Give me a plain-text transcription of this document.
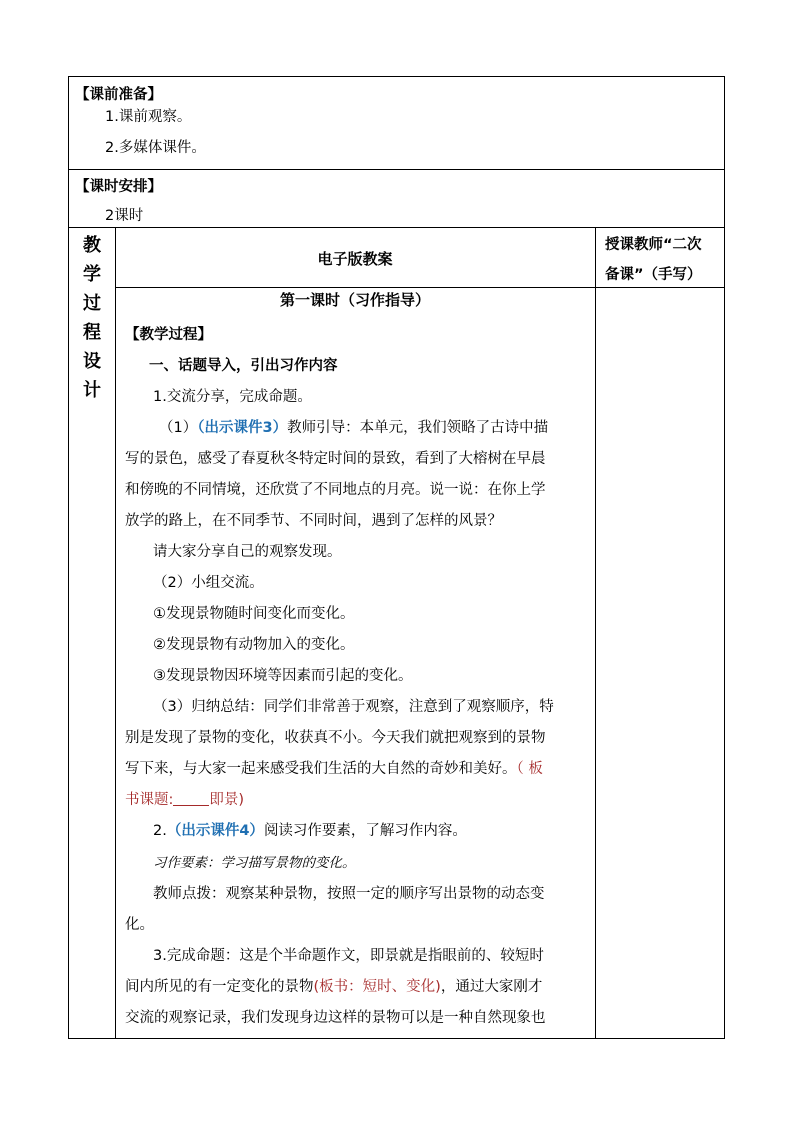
【课前准备】
1.课前观察。
2.多媒体课件。
【课时安排】
2课时
教
学
过
程
设
计
电子版教案
授课教师“二次
备课”（手写）
第一课时（习作指导）
【教学过程】
一、话题导入，引出习作内容
1.交流分享，完成命题。
（1）（出示课件3）教师引导：本单元，我们领略了古诗中描
写的景色，感受了春夏秋冬特定时间的景致，看到了大榕树在早晨
和傍晚的不同情境，还欣赏了不同地点的月亮。说一说：在你上学
放学的路上，在不同季节、不同时间，遇到了怎样的风景？
请大家分享自己的观察发现。
（2）小组交流。
①发现景物随时间变化而变化。
②发现景物有动物加入的变化。
③发现景物因环境等因素而引起的变化。
（3）归纳总结：同学们非常善于观察，注意到了观察顺序，特
别是发现了景物的变化，收获真不小。今天我们就把观察到的景物
写下来，与大家一起来感受我们生活的大自然的奇妙和美好。（ 板
书课题: 即景)
2.（出示课件4）阅读习作要素，了解习作内容。
习作要素：学习描写景物的变化。
教师点拨：观察某种景物，按照一定的顺序写出景物的动态变
化。
3.完成命题：这是个半命题作文，即景就是指眼前的、较短时
间内所见的有一定变化的景物(板书：短时、变化)，通过大家刚才
交流的观察记录，我们发现身边这样的景物可以是一种自然现象也
